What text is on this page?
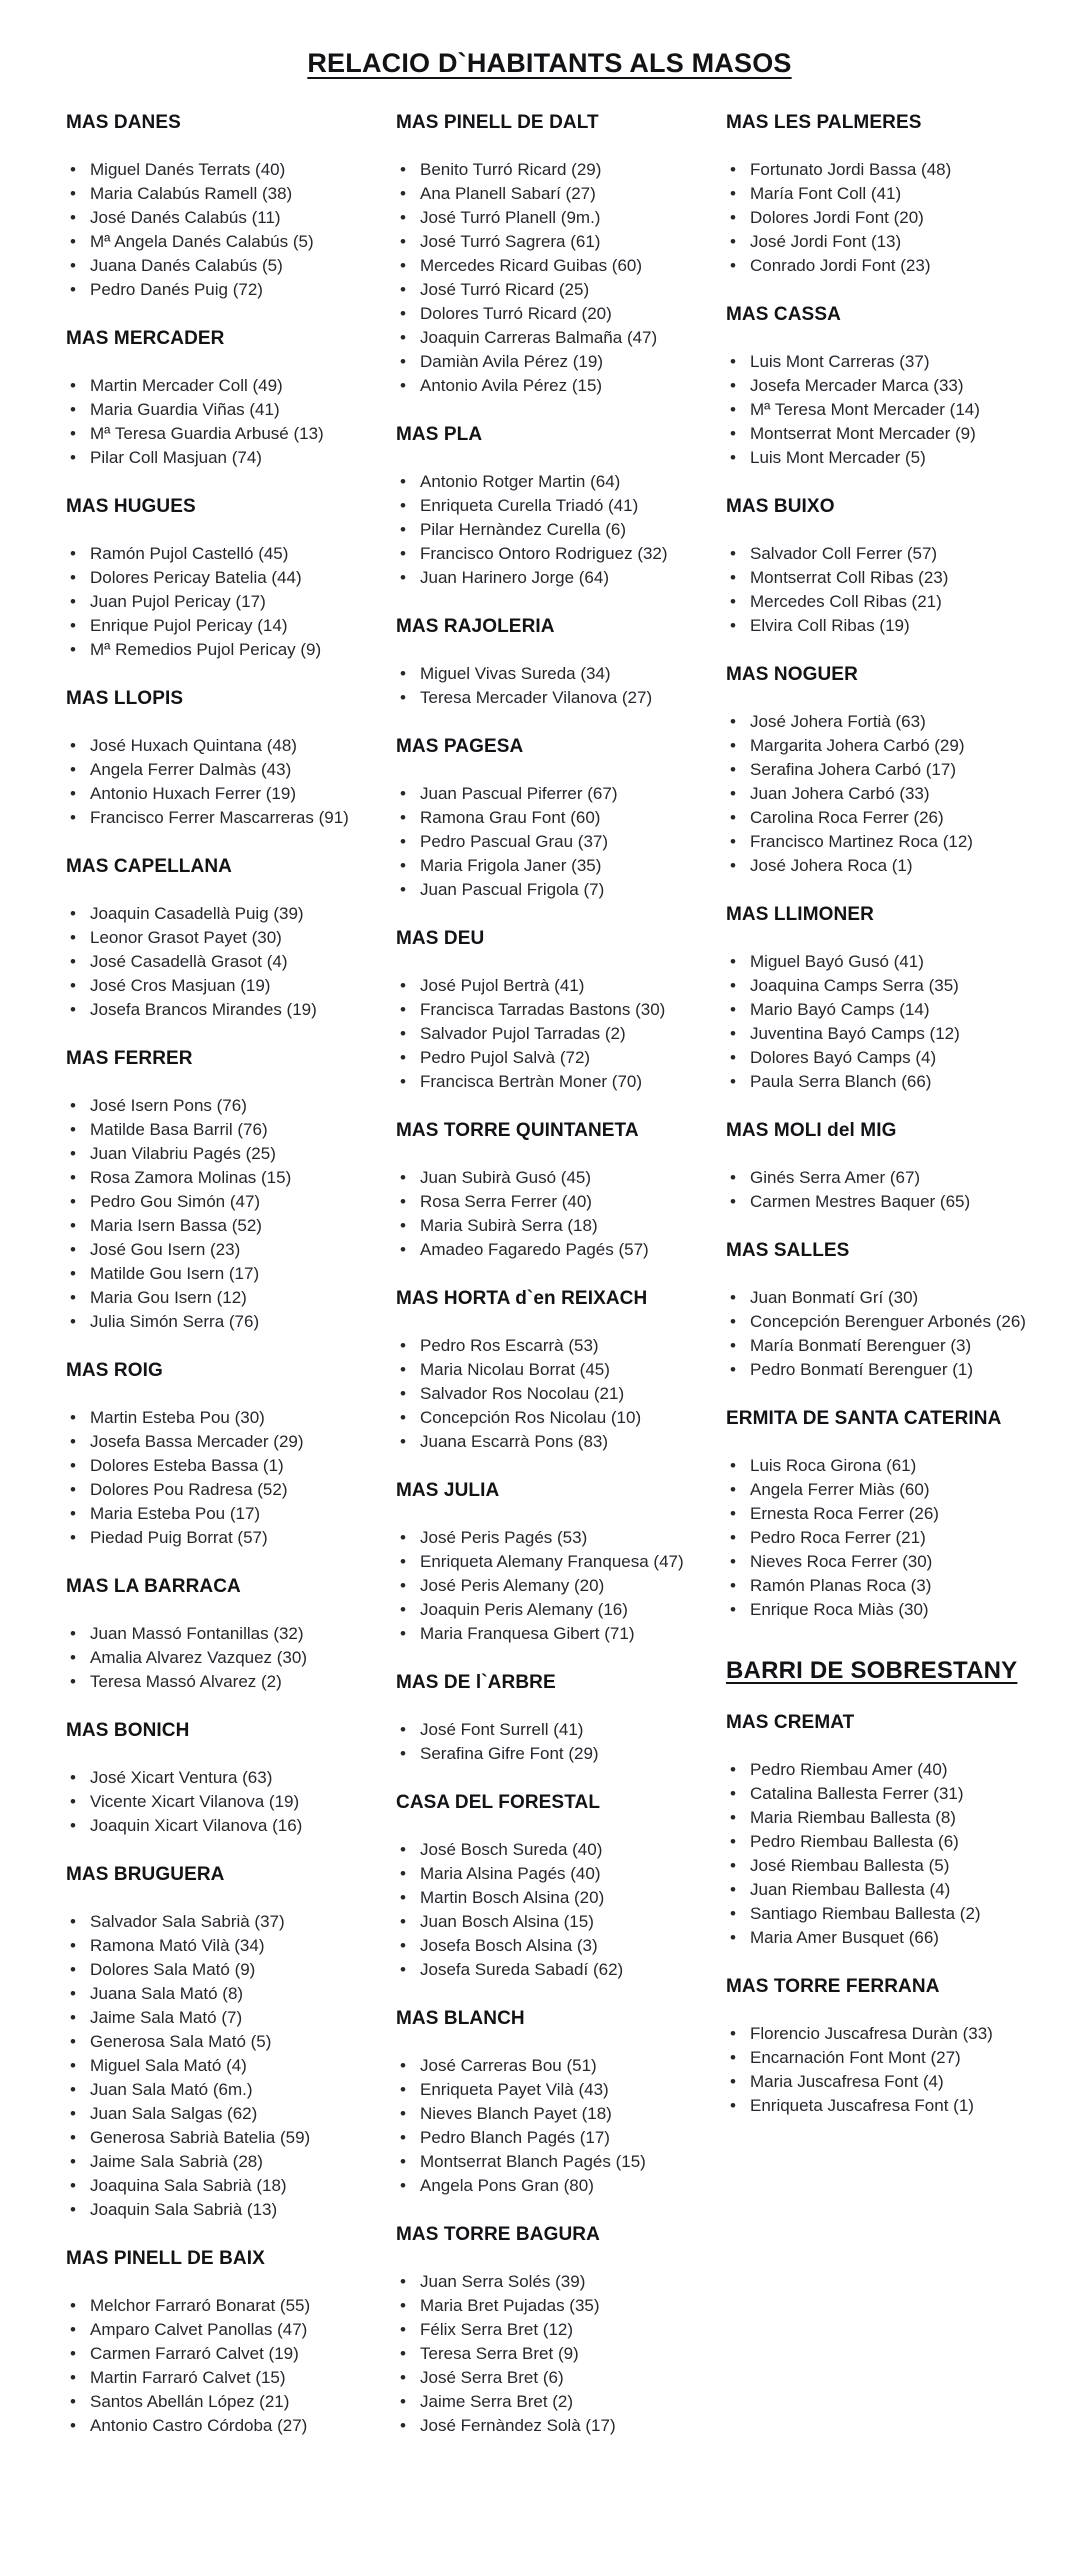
RELACIO D`HABITANTS ALS MASOS
MAS DANES
• Miguel Danés Terrats (40)
• Maria Calabús Ramell (38)
• José Danés Calabús (11)
• Mª Angela Danés Calabús (5)
• Juana Danés Calabús (5)
• Pedro Danés Puig (72)
MAS MERCADER
• Martin Mercader Coll (49)
• Maria Guardia Viñas (41)
• Mª Teresa Guardia Arbusé (13)
• Pilar Coll Masjuan (74)
MAS HUGUES
• Ramón Pujol Castelló (45)
• Dolores Pericay Batelia (44)
• Juan Pujol Pericay (17)
• Enrique Pujol Pericay (14)
• Mª Remedios Pujol Pericay (9)
MAS LLOPIS
• José Huxach Quintana (48)
• Angela Ferrer Dalmàs (43)
• Antonio Huxach Ferrer (19)
• Francisco Ferrer Mascarreras (91)
MAS CAPELLANA
• Joaquin Casadellà Puig (39)
• Leonor Grasot Payet (30)
• José Casadellà Grasot (4)
• José Cros Masjuan (19)
• Josefa Brancos Mirandes (19)
MAS FERRER
• José Isern Pons (76)
• Matilde Basa Barril (76)
• Juan Vilabriu Pagés (25)
• Rosa Zamora Molinas (15)
• Pedro Gou Simón (47)
• Maria Isern Bassa (52)
• José Gou Isern (23)
• Matilde Gou Isern (17)
• Maria Gou Isern (12)
• Julia Simón Serra (76)
MAS ROIG
• Martin Esteba Pou (30)
• Josefa Bassa Mercader (29)
• Dolores Esteba Bassa (1)
• Dolores Pou Radresa (52)
• Maria Esteba Pou (17)
• Piedad Puig Borrat (57)
MAS LA BARRACA
• Juan Massó Fontanillas (32)
• Amalia Alvarez Vazquez (30)
• Teresa Massó Alvarez (2)
MAS BONICH
• José Xicart Ventura (63)
• Vicente Xicart Vilanova (19)
• Joaquin Xicart Vilanova (16)
MAS BRUGUERA
• Salvador Sala Sabrià (37)
• Ramona Mató Vilà (34)
• Dolores Sala Mató (9)
• Juana Sala Mató (8)
• Jaime Sala Mató (7)
• Generosa Sala Mató (5)
• Miguel Sala Mató (4)
• Juan Sala Mató (6m.)
• Juan Sala Salgas (62)
• Generosa Sabrià Batelia (59)
• Jaime Sala Sabrià (28)
• Joaquina Sala Sabrià (18)
• Joaquin Sala Sabrià (13)
MAS PINELL DE BAIX
• Melchor Farraró Bonarat (55)
• Amparo Calvet Panollas (47)
• Carmen Farraró Calvet (19)
• Martin Farraró Calvet (15)
• Santos Abellán López (21)
• Antonio Castro Córdoba (27)
MAS PINELL DE DALT
• Benito Turró Ricard (29)
• Ana Planell Sabarí (27)
• José Turró Planell (9m.)
• José Turró Sagrera (61)
• Mercedes Ricard Guibas (60)
• José Turró Ricard (25)
• Dolores Turró Ricard (20)
• Joaquin Carreras Balmaña (47)
• Damiàn Avila Pérez (19)
• Antonio Avila Pérez (15)
MAS PLA
• Antonio Rotger Martin (64)
• Enriqueta Curella Triadó (41)
• Pilar Hernàndez Curella (6)
• Francisco Ontoro Rodriguez (32)
• Juan Harinero Jorge (64)
MAS RAJOLERIA
• Miguel Vivas Sureda (34)
• Teresa Mercader Vilanova (27)
MAS PAGESA
• Juan Pascual Piferrer (67)
• Ramona Grau Font (60)
• Pedro Pascual Grau (37)
• Maria Frigola Janer (35)
• Juan Pascual Frigola (7)
MAS DEU
• José Pujol Bertrà (41)
• Francisca Tarradas Bastons (30)
• Salvador Pujol Tarradas (2)
• Pedro Pujol Salvà (72)
• Francisca Bertràn Moner (70)
MAS TORRE QUINTANETA
• Juan Subirà Gusó (45)
• Rosa Serra Ferrer (40)
• Maria Subirà Serra (18)
• Amadeo Fagaredo Pagés (57)
MAS HORTA d`en REIXACH
• Pedro Ros Escarrà (53)
• Maria Nicolau Borrat (45)
• Salvador Ros Nocolau (21)
• Concepción Ros Nicolau (10)
• Juana Escarrà Pons (83)
MAS JULIA
• José Peris Pagés (53)
• Enriqueta Alemany Franquesa (47)
• José Peris Alemany (20)
• Joaquin Peris Alemany (16)
• Maria Franquesa Gibert (71)
MAS DE l`ARBRE
• José Font Surrell (41)
• Serafina Gifre Font (29)
CASA DEL FORESTAL
• José Bosch Sureda (40)
• Maria Alsina Pagés (40)
• Martin Bosch Alsina (20)
• Juan Bosch Alsina (15)
• Josefa Bosch Alsina (3)
• Josefa Sureda Sabadí (62)
MAS BLANCH
• José Carreras Bou (51)
• Enriqueta Payet Vilà (43)
• Nieves Blanch Payet (18)
• Pedro Blanch Pagés (17)
• Montserrat Blanch Pagés (15)
• Angela Pons Gran (80)
MAS TORRE BAGURA
• Juan Serra Solés (39)
• Maria Bret Pujadas (35)
• Félix Serra Bret (12)
• Teresa Serra Bret (9)
• José Serra Bret (6)
• Jaime Serra Bret (2)
• José Fernàndez Solà (17)
MAS LES PALMERES
• Fortunato Jordi Bassa (48)
• María Font Coll (41)
• Dolores Jordi Font (20)
• José Jordi Font (13)
• Conrado Jordi Font (23)
MAS CASSA
• Luis Mont Carreras (37)
• Josefa Mercader Marca (33)
• Mª Teresa Mont Mercader (14)
• Montserrat Mont Mercader (9)
• Luis Mont Mercader (5)
MAS BUIXO
• Salvador Coll Ferrer (57)
• Montserrat Coll Ribas (23)
• Mercedes Coll Ribas (21)
• Elvira Coll Ribas (19)
MAS NOGUER
• José Johera Fortià (63)
• Margarita Johera Carbó (29)
• Serafina Johera Carbó (17)
• Juan Johera Carbó (33)
• Carolina Roca Ferrer (26)
• Francisco Martinez Roca (12)
• José Johera Roca (1)
MAS LLIMONER
• Miguel Bayó Gusó (41)
• Joaquina Camps Serra (35)
• Mario Bayó Camps (14)
• Juventina Bayó Camps (12)
• Dolores Bayó Camps (4)
• Paula Serra Blanch (66)
MAS MOLI del MIG
• Ginés Serra Amer (67)
• Carmen Mestres Baquer (65)
MAS SALLES
• Juan Bonmatí Grí (30)
• Concepción Berenguer Arbonés (26)
• María Bonmatí Berenguer (3)
• Pedro Bonmatí Berenguer (1)
ERMITA DE SANTA CATERINA
• Luis Roca Girona (61)
• Angela Ferrer Miàs (60)
• Ernesta Roca Ferrer (26)
• Pedro Roca Ferrer (21)
• Nieves Roca Ferrer (30)
• Ramón Planas Roca (3)
• Enrique Roca Miàs (30)
BARRI DE SOBRESTANY
MAS CREMAT
• Pedro Riembau Amer (40)
• Catalina Ballesta Ferrer (31)
• Maria Riembau Ballesta (8)
• Pedro Riembau Ballesta (6)
• José Riembau Ballesta (5)
• Juan Riembau Ballesta (4)
• Santiago Riembau Ballesta (2)
• Maria Amer Busquet (66)
MAS TORRE FERRANA
• Florencio Juscafresa Duràn (33)
• Encarnación Font Mont (27)
• Maria Juscafresa Font (4)
• Enriqueta Juscafresa Font (1)
